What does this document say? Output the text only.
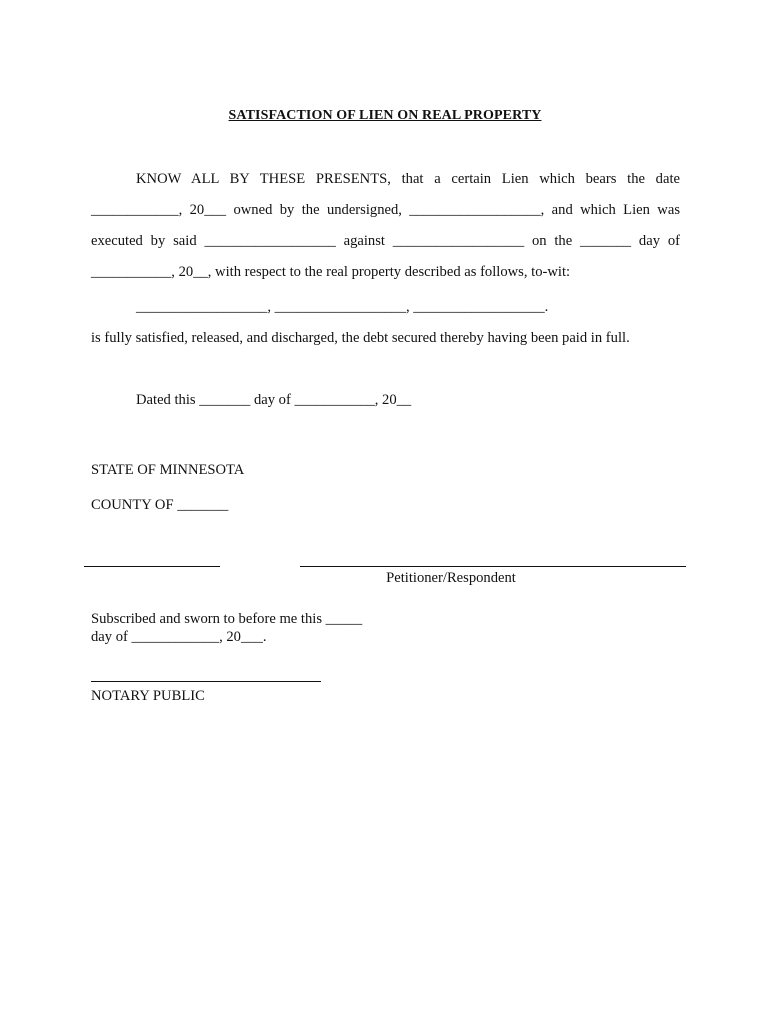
SATISFACTION OF LIEN ON REAL PROPERTY
KNOW ALL BY THESE PRESENTS, that a certain Lien which bears the date
____________, 20___ owned by the undersigned, __________________, and which Lien was
executed by said __________________ against __________________ on the _______ day of
___________, 20__, with respect to the real property described as follows, to-wit:
__________________, __________________, __________________.
is fully satisfied, released, and discharged, the debt secured thereby having been paid in full.
Dated this _______ day of ___________, 20__
STATE OF MINNESOTA
COUNTY OF _______
Petitioner/Respondent
Subscribed and sworn to before me this _____
day of ____________, 20___.
NOTARY PUBLIC
